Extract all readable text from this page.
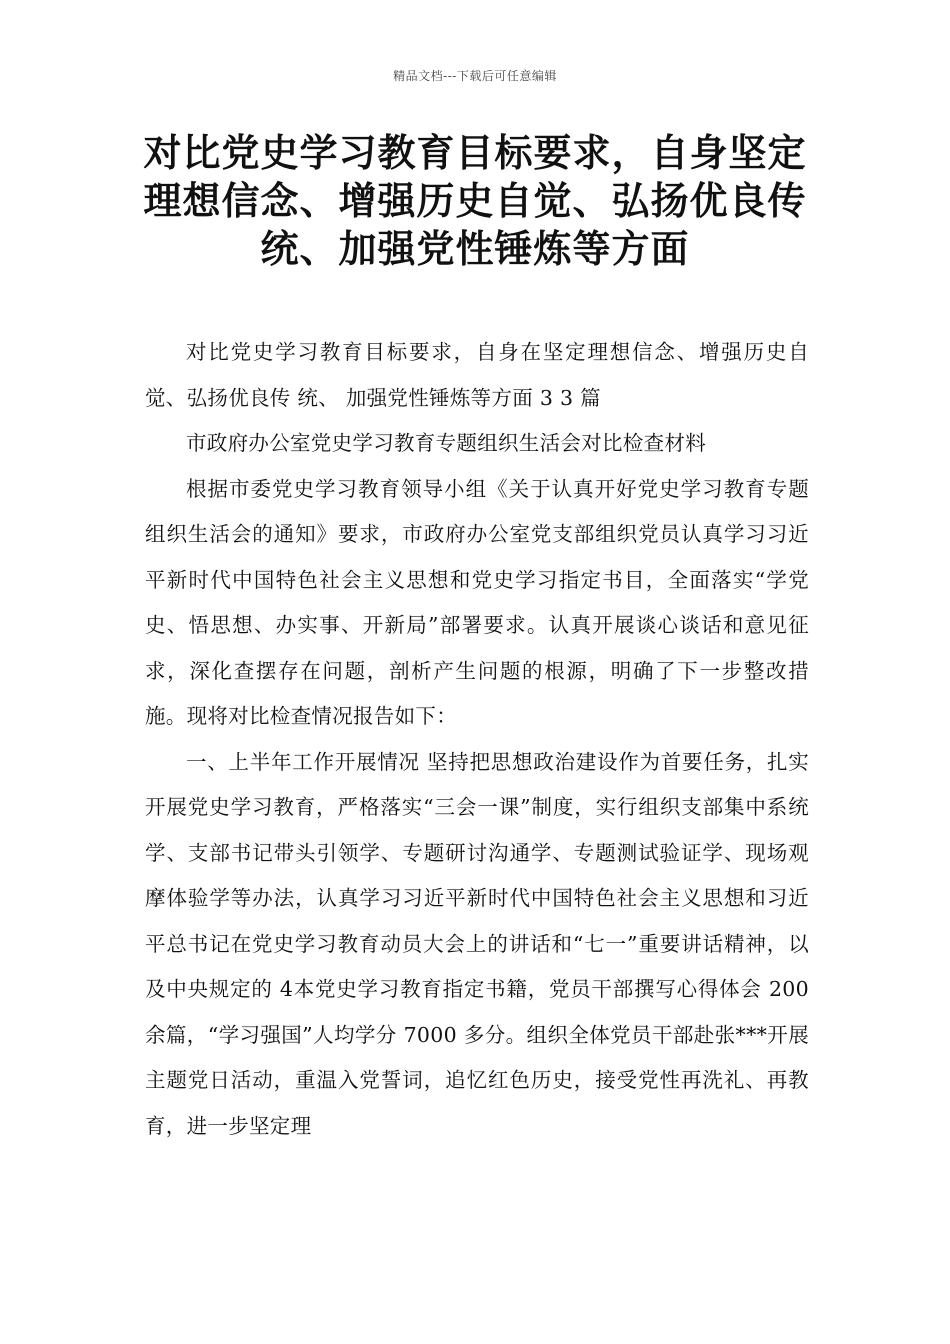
精品文档---下载后可任意编辑
对比党史学习教育目标要求，自身坚定
理想信念、增强历史自觉、弘扬优良传
统、加强党性锤炼等方面

对比党史学习教育目标要求，自身在坚定理想信念、增强历史自觉、弘扬优良传 统、 加强党性锤炼等方面 3 3 篇

市政府办公室党史学习教育专题组织生活会对比检查材料

根据市委党史学习教育领导小组《关于认真开好党史学习教育专题组织生活会的通知》要求，市政府办公室党支部组织党员认真学习习近平新时代中国特色社会主义思想和党史学习指定书目，全面落实“学党史、悟思想、办实事、开新局”部署要求。认真开展谈心谈话和意见征求，深化查摆存在问题，剖析产生问题的根源，明确了下一步整改措施。现将对比检查情况报告如下：

一、上半年工作开展情况 坚持把思想政治建设作为首要任务，扎实开展党史学习教育，严格落实“三会一课”制度，实行组织支部集中系统学、支部书记带头引领学、专题研讨沟通学、专题测试验证学、现场观摩体验学等办法，认真学习习近平新时代中国特色社会主义思想和习近平总书记在党史学习教育动员大会上的讲话和“七一”重要讲话精神，以及中央规定的 4本党史学习教育指定书籍，党员干部撰写心得体会 200 余篇，“学习强国”人均学分 7000 多分。组织全体党员干部赴张***开展主题党日活动，重温入党誓词，追忆红色历史，接受党性再洗礼、再教育，进一步坚定理
